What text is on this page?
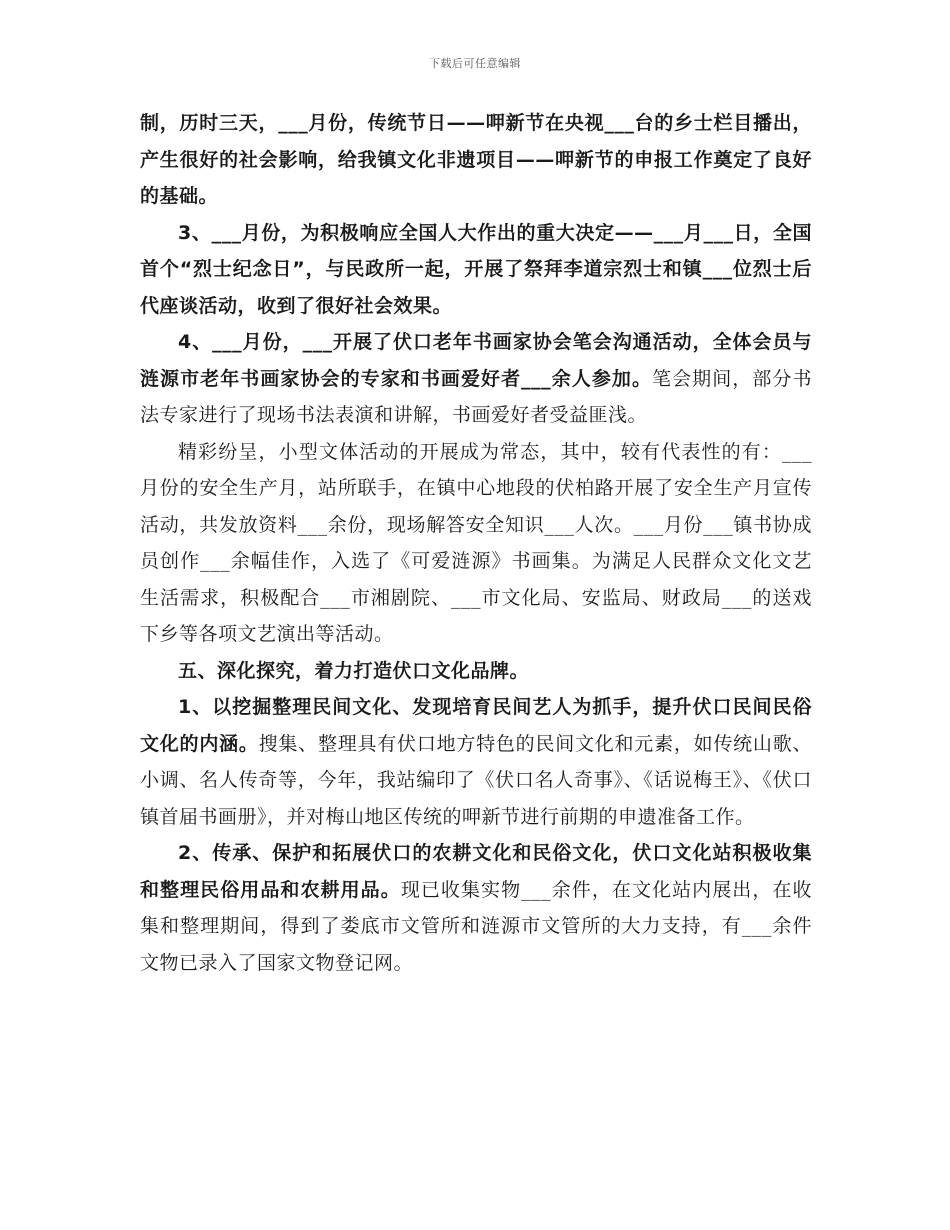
下载后可任意编辑

制，历时三天，___月份，传统节日——呷新节在央视___台的乡士栏目播出，产生很好的社会影响，给我镇文化非遗项目——呷新节的申报工作奠定了良好的基础。

3、___月份，为积极响应全国人大作出的重大决定——___月___日，全国首个“烈士纪念日”，与民政所一起，开展了祭拜李道宗烈士和镇___位烈士后代座谈活动，收到了很好社会效果。

4、___月份，___开展了伏口老年书画家协会笔会沟通活动，全体会员与涟源市老年书画家协会的专家和书画爱好者___余人参加。笔会期间，部分书法专家进行了现场书法表演和讲解，书画爱好者受益匪浅。

精彩纷呈，小型文体活动的开展成为常态，其中，较有代表性的有：___月份的安全生产月，站所联手，在镇中心地段的伏柏路开展了安全生产月宣传活动，共发放资料___余份，现场解答安全知识___人次。___月份___镇书协成员创作___余幅佳作，入选了《可爱涟源》书画集。为满足人民群众文化文艺生活需求，积极配合___市湘剧院、___市文化局、安监局、财政局___的送戏下乡等各项文艺演出等活动。

五、深化探究，着力打造伏口文化品牌。

1、以挖掘整理民间文化、发现培育民间艺人为抓手，提升伏口民间民俗文化的内涵。搜集、整理具有伏口地方特色的民间文化和元素，如传统山歌、小调、名人传奇等，今年，我站编印了《伏口名人奇事》、《话说梅王》、《伏口镇首届书画册》，并对梅山地区传统的呷新节进行前期的申遗准备工作。

2、传承、保护和拓展伏口的农耕文化和民俗文化，伏口文化站积极收集和整理民俗用品和农耕用品。现已收集实物___余件，在文化站内展出，在收集和整理期间，得到了娄底市文管所和涟源市文管所的大力支持，有___余件文物已录入了国家文物登记网。
